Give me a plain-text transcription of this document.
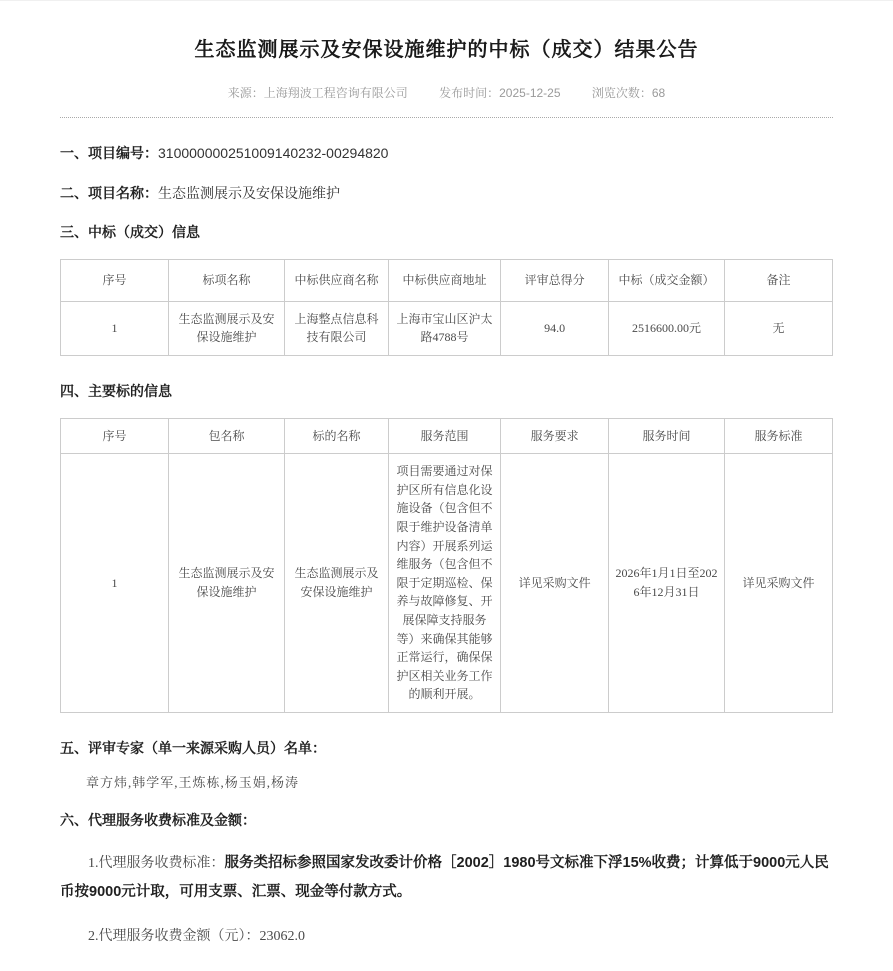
生态监测展示及安保设施维护的中标（成交）结果公告
来源：上海翔波工程咨询有限公司	发布时间：2025-12-25	浏览次数：68
一、项目编号：310000000251009140232-00294820
二、项目名称：生态监测展示及安保设施维护
三、中标（成交）信息
序号	标项名称	中标供应商名称	中标供应商地址	评审总得分	中标（成交金额）	备注
1	生态监测展示及安保设施维护	上海整点信息科技有限公司	上海市宝山区沪太路4788号	94.0	2516600.00元	无
四、主要标的信息
序号	包名称	标的名称	服务范围	服务要求	服务时间	服务标准
1	生态监测展示及安保设施维护	生态监测展示及安保设施维护	项目需要通过对保护区所有信息化设施设备（包含但不限于维护设备清单内容）开展系列运维服务（包含但不限于定期巡检、保养与故障修复、开展保障支持服务等）来确保其能够正常运行，确保保护区相关业务工作的顺利开展。	详见采购文件	2026年1月1日至2026年12月31日	详见采购文件
五、评审专家（单一来源采购人员）名单：
章方炜,韩学军,王炼栋,杨玉娟,杨涛
六、代理服务收费标准及金额：

1.代理服务收费标准：服务类招标参照国家发改委计价格［2002］1980号文标准下浮15%收费；计算低于9000元人民币按9000元计取，可用支票、汇票、现金等付款方式。

2.代理服务收费金额（元）：23062.0
